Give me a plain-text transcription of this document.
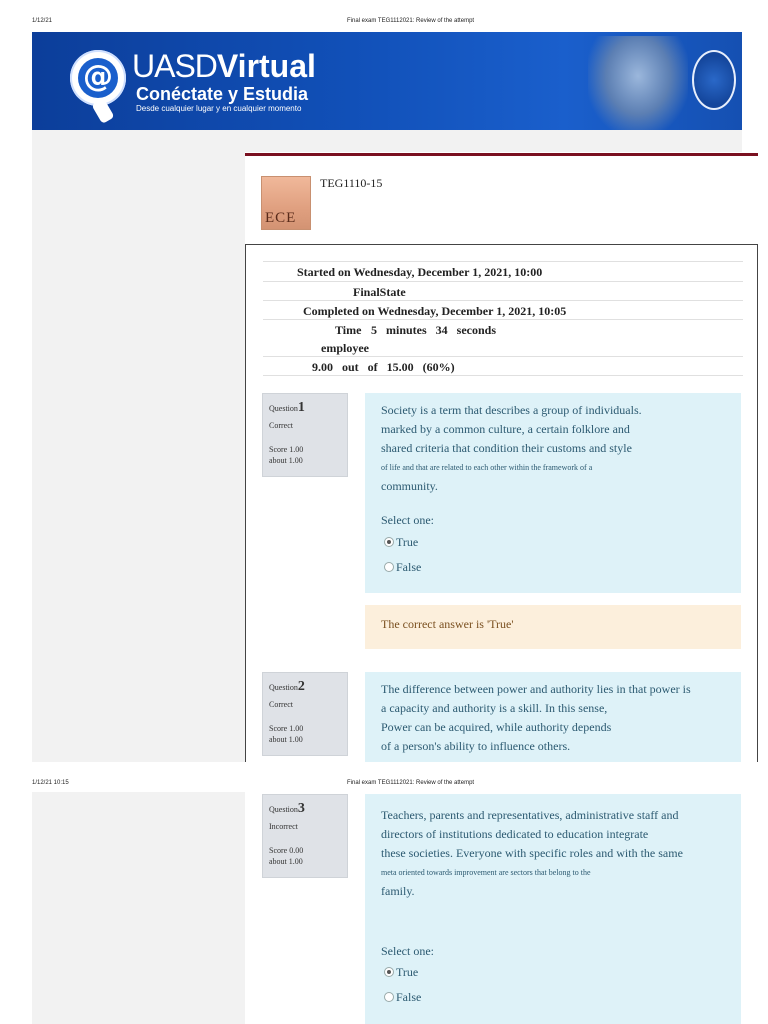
1/12/21	Final exam TEG1112021: Review of the attempt
@ UASDVirtual
Conéctate y Estudia
Desde cualquier lugar y en cualquier momento
ECE
TEG1110-15
Started on Wednesday, December 1, 2021, 10:00
FinalState
Completed on Wednesday, December 1, 2021, 10:05
Time 5   minutes   34   seconds
employee
9.00   out   of   15.00   (60%)
Question1
Correct
Score 1.00
about 1.00

Society is a term that describes a group of individuals.

marked by a common culture, a certain folklore and

shared criteria that condition their customs and style

of life and that are related to each other within the framework of a

community.

Select one:
True
False
The correct answer is 'True'
Question2
Correct
Score 1.00
about 1.00

The difference between power and authority lies in that power is

a capacity and authority is a skill. In this sense,

Power can be acquired, while authority depends

of a person's ability to influence others.

1/12/21 10:15	Final exam TEG1112021: Review of the attempt
Question3
Incorrect
Score 0.00
about 1.00

Teachers, parents and representatives, administrative staff and

directors of institutions dedicated to education integrate

these societies. Everyone with specific roles and with the same

meta oriented towards improvement are sectors that belong to the

family.

Select one:
True
False
